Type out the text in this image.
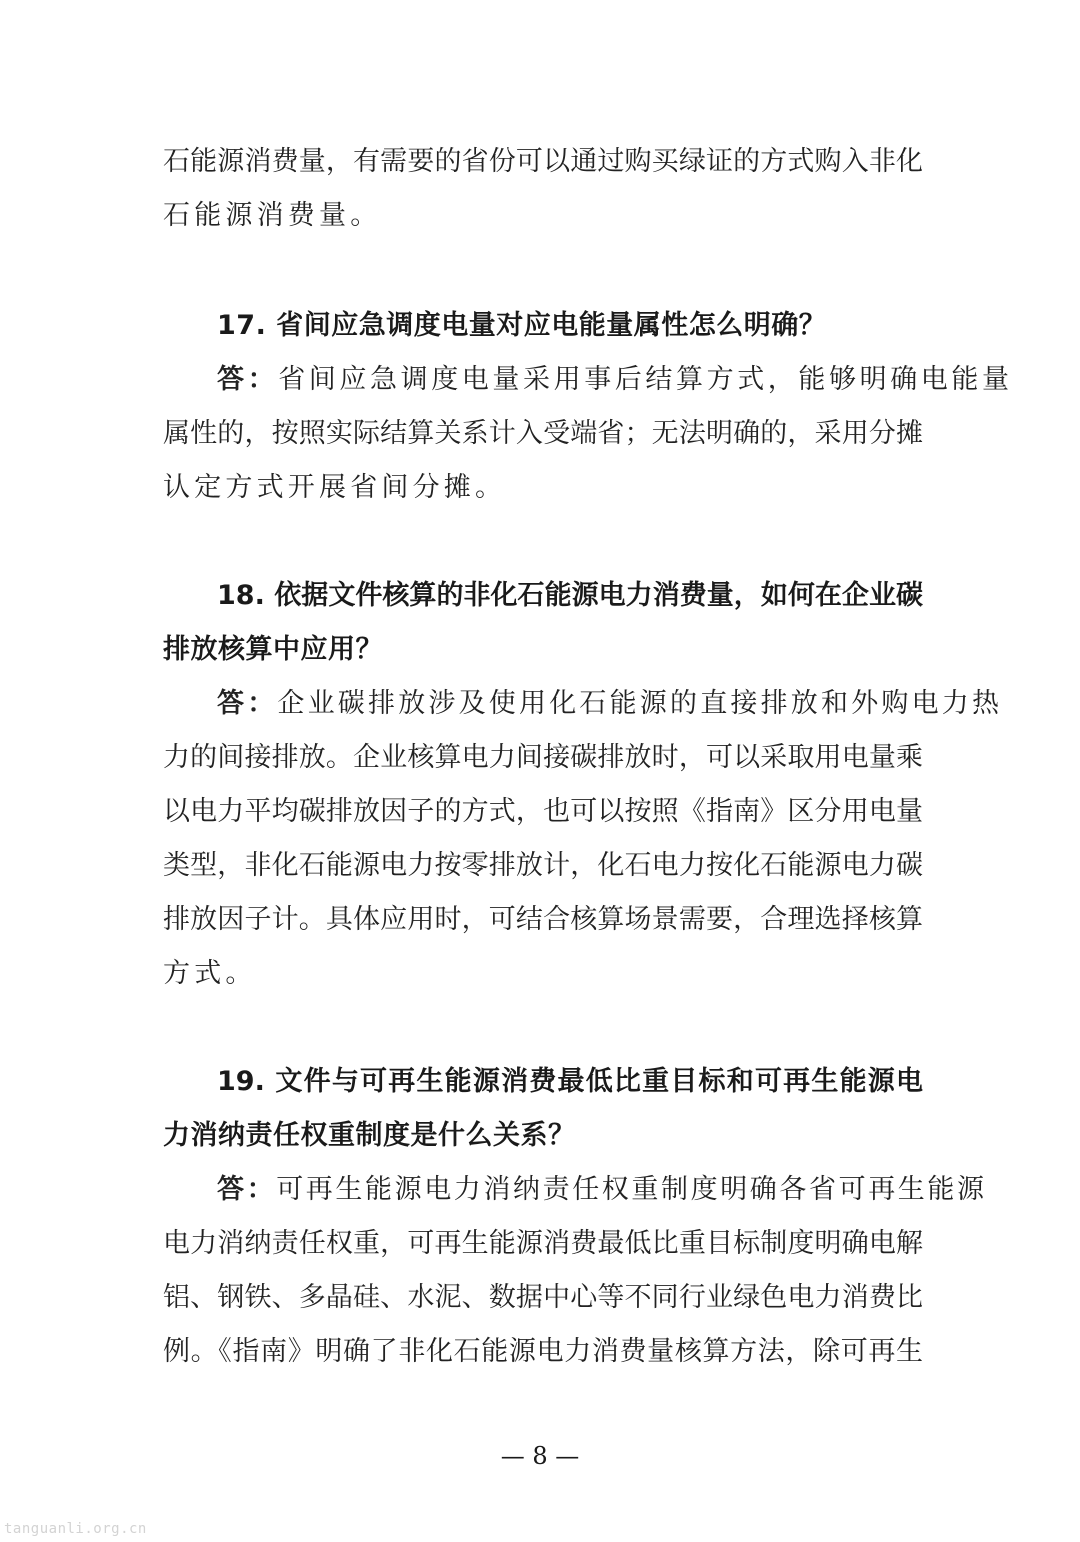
石能源消费量，有需要的省份可以通过购买绿证的方式购入非化
石能源消费量。
17. 省间应急调度电量对应电能量属性怎么明确？
答：省间应急调度电量采用事后结算方式，能够明确电能量
属性的，按照实际结算关系计入受端省；无法明确的，采用分摊
认定方式开展省间分摊。
18. 依据文件核算的非化石能源电力消费量，如何在企业碳
排放核算中应用？
答：企业碳排放涉及使用化石能源的直接排放和外购电力热
力的间接排放。企业核算电力间接碳排放时，可以采取用电量乘
以电力平均碳排放因子的方式，也可以按照《指南》区分用电量
类型，非化石能源电力按零排放计，化石电力按化石能源电力碳
排放因子计。具体应用时，可结合核算场景需要，合理选择核算
方式。
19. 文件与可再生能源消费最低比重目标和可再生能源电
力消纳责任权重制度是什么关系？
答：可再生能源电力消纳责任权重制度明确各省可再生能源
电力消纳责任权重，可再生能源消费最低比重目标制度明确电解
铝、钢铁、多晶硅、水泥、数据中心等不同行业绿色电力消费比
例。《指南》明确了非化石能源电力消费量核算方法，除可再生
— 8 —
tanguanli.org.cn
